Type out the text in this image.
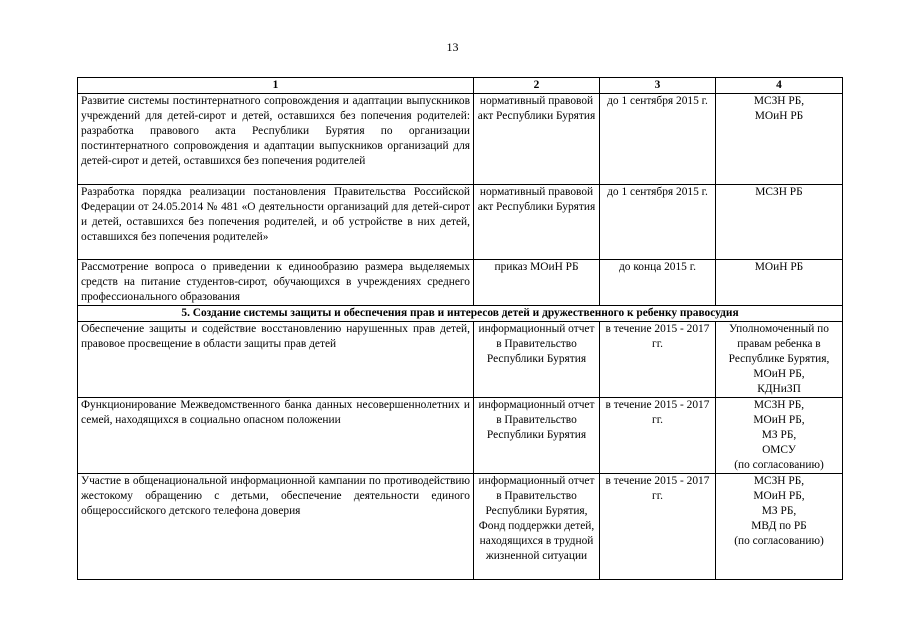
13
1	2	3	4
Развитие системы постинтернатного сопровождения и адаптации выпускников учреждений для детей-сирот и детей, оставшихся без попечения родителей: разработка правового акта Республики Бурятия по организации постинтернатного сопровождения и адаптации выпускников организаций для детей-сирот и детей, оставшихся без попечения родителей	нормативный правовой акт Республики Бурятия	до 1 сентября 2015 г.	МСЗН РБ,
МОиН РБ

Разработка порядка реализации постановления Правительства Российской Федерации от 24.05.2014 № 481 «О деятельности организаций для детей-сирот и детей, оставшихся без попечения родителей, и об устройстве в них детей, оставшихся без попечения родителей»	нормативный правовой акт Республики Бурятия	до 1 сентября 2015 г.	МСЗН РБ

Рассмотрение вопроса о приведении к единообразию размера выделяемых средств на питание студентов-сирот, обучающихся в учреждениях среднего профессионального образования	приказ МОиН РБ	до конца 2015 г.	МОиН РБ

5. Создание системы защиты и обеспечения прав и интересов детей и дружественного к ребенку правосудия			
Обеспечение защиты и содействие восстановлению нарушенных прав детей, правовое просвещение в области защиты прав детей	информационный отчет в Правительство Республики Бурятия	в течение 2015 - 2017 гг.	Уполномоченный по правам ребенка в Республике Бурятия,
МОиН РБ,
КДНиЗП

Функционирование Межведомственного банка данных несовершеннолетних и семей, находящихся в социально опасном положении	информационный отчет в Правительство Республики Бурятия	в течение 2015 - 2017 гг.	МСЗН РБ,
МОиН РБ,
МЗ РБ,
ОМСУ
(по согласованию)

Участие в общенациональной информационной кампании по противодействию жестокому обращению с детьми, обеспечение деятельности единого общероссийского детского телефона доверия	информационный отчет в Правительство Республики Бурятия, Фонд поддержки детей, находящихся в трудной жизненной ситуации	в течение 2015 - 2017 гг.	МСЗН РБ,
МОиН РБ,
МЗ РБ,
МВД по РБ
(по согласованию)
